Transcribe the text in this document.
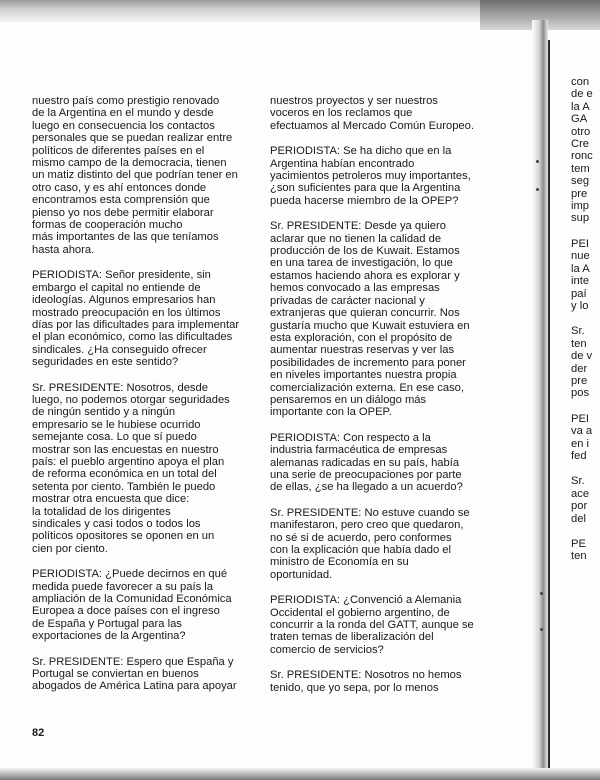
nuestro país como prestigio renovado
de la Argentina en el mundo y desde
luego en consecuencia los contactos
personales que se puedan realizar entre
políticos de diferentes países en el
mismo campo de la democracia, tienen
un matiz distinto del que podrían tener en
otro caso, y es ahí entonces donde
encontramos esta comprensión que
pienso yo nos debe permitir elaborar
formas de cooperación mucho
más importantes de las que teníamos
hasta ahora.

PERIODISTA: Señor presidente, sin
embargo el capital no entiende de
ideologías. Algunos empresarios han
mostrado preocupación en los últimos
días por las dificultades para implementar
el plan económico, como las dificultades
sindicales. ¿Ha conseguido ofrecer
seguridades en este sentido?

Sr. PRESIDENTE: Nosotros, desde
luego, no podemos otorgar seguridades
de ningún sentido y a ningún
empresario se le hubiese ocurrido
semejante cosa. Lo que sí puedo
mostrar son las encuestas en nuestro
país: el pueblo argentino apoya el plan
de reforma económica en un total del
setenta por ciento. También le puedo
mostrar otra encuesta que dice:
la totalidad de los dirigentes
sindicales y casi todos o todos los
políticos opositores se oponen en un
cien por ciento.

PERIODISTA: ¿Puede decirnos en qué
medida puede favorecer a su país la
ampliación de la Comunidad Económica
Europea a doce países con el ingreso
de España y Portugal para las
exportaciones de la Argentina?

Sr. PRESIDENTE: Espero que España y
Portugal se conviertan en buenos
abogados de América Latina para apoyar

nuestros proyectos y ser nuestros
voceros en los reclamos que
efectuamos al Mercado Común Europeo.

PERIODISTA: Se ha dicho que en la
Argentina habían encontrado
yacimientos petroleros muy importantes,
¿son suficientes para que la Argentina
pueda hacerse miembro de la OPEP?

Sr. PRESIDENTE: Desde ya quiero
aclarar que no tienen la calidad de
producción de los de Kuwait. Estamos
en una tarea de investigación, lo que
estamos haciendo ahora es explorar y
hemos convocado a las empresas
privadas de carácter nacional y
extranjeras que quieran concurrir. Nos
gustaría mucho que Kuwait estuviera en
esta exploración, con el propósito de
aumentar nuestras reservas y ver las
posibilidades de incremento para poner
en niveles importantes nuestra propia
comercialización externa. En ese caso,
pensaremos en un diálogo más
importante con la OPEP.

PERIODISTA: Con respecto a la
industria farmacéutica de empresas
alemanas radicadas en su país, había
una serie de preocupaciones por parte
de ellas, ¿se ha llegado a un acuerdo?

Sr. PRESIDENTE: No estuve cuando se
manifestaron, pero creo que quedaron,
no sé si de acuerdo, pero conformes
con la explicación que había dado el
ministro de Economía en su
oportunidad.

PERIODISTA: ¿Convenció a Alemania
Occidental el gobierno argentino, de
concurrir a la ronda del GATT, aunque se
traten temas de liberalización del
comercio de servicios?

Sr. PRESIDENTE: Nosotros no hemos
tenido, que yo sepa, por lo menos

con
de e
la A
GA
otro
Cre
ronc
tem
seg
pre
imp
sup

PEI
nue
la A
inte
paí
y lo

Sr.
ten
de v
der
pre
pos

PEI
va a
en i
fed

Sr.
ace
por
del

PE
ten

82
